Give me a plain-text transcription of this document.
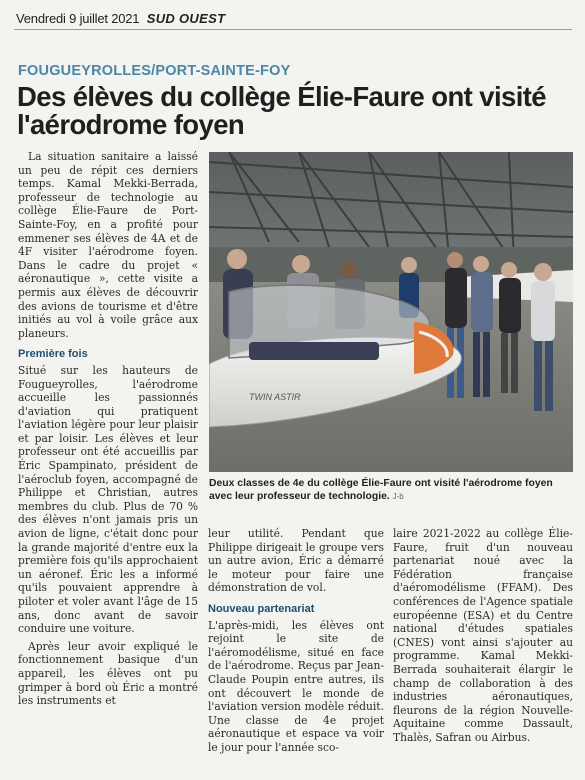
Vendredi 9 juillet 2021 SUD OUEST
FOUGUEYROLLES/PORT-SAINTE-FOY
Des élèves du collège Élie-Faure ont visité l'aérodrome foyen

La situation sanitaire a laissé un peu de répit ces derniers temps. Kamal Mekki-Berrada, professeur de technologie au collège Élie-Faure de Port-Sainte-Foy, en a profité pour emmener ses élèves de 4A et de 4F visiter l'aérodrome foyen. Dans le cadre du projet « aéronautique », cette visite a permis aux élèves de découvrir des avions de tourisme et d'être initiés au vol à voile grâce aux planeurs.

Première fois

Situé sur les hauteurs de Fougueyrolles, l'aérodrome accueille les passionnés d'aviation qui pratiquent l'aviation légère pour leur plaisir et par loisir. Les élèves et leur professeur ont été accueillis par Éric Spampinato, président de l'aéroclub foyen, accompagné de Philippe et Christian, autres membres du club. Plus de 70 % des élèves n'ont jamais pris un avion de ligne, c'était donc pour la grande majorité d'entre eux la première fois qu'ils approchaient un aéronef. Éric les a informé qu'ils pouvaient apprendre à piloter et voler avant l'âge de 15 ans, donc avant de savoir conduire une voiture.

Après leur avoir expliqué le fonctionnement basique d'un appareil, les élèves ont pu grimper à bord où Éric a montré les instruments et

TWIN ASTIR
Deux classes de 4e du collège Élie-Faure ont visité l'aérodrome foyen avec leur professeur de technologie. J-b

leur utilité. Pendant que Philippe dirigeait le groupe vers un autre avion, Éric a démarré le moteur pour faire une démonstration de vol.

Nouveau partenariat

L'après-midi, les élèves ont rejoint le site de l'aéromodélisme, situé en face de l'aérodrome. Reçus par Jean-Claude Poupin entre autres, ils ont découvert le monde de l'aviation version modèle réduit. Une classe de 4e projet aéronautique et espace va voir le jour pour l'année sco-

laire 2021-2022 au collège Élie-Faure, fruit d'un nouveau partenariat noué avec la Fédération française d'aéromodélisme (FFAM). Des conférences de l'Agence spatiale européenne (ESA) et du Centre national d'études spatiales (CNES) vont ainsi s'ajouter au programme. Kamal Mekki-Berrada souhaiterait élargir le champ de collaboration à des industries aéronautiques, fleurons de la région Nouvelle-Aquitaine comme Dassault, Thalès, Safran ou Airbus.
